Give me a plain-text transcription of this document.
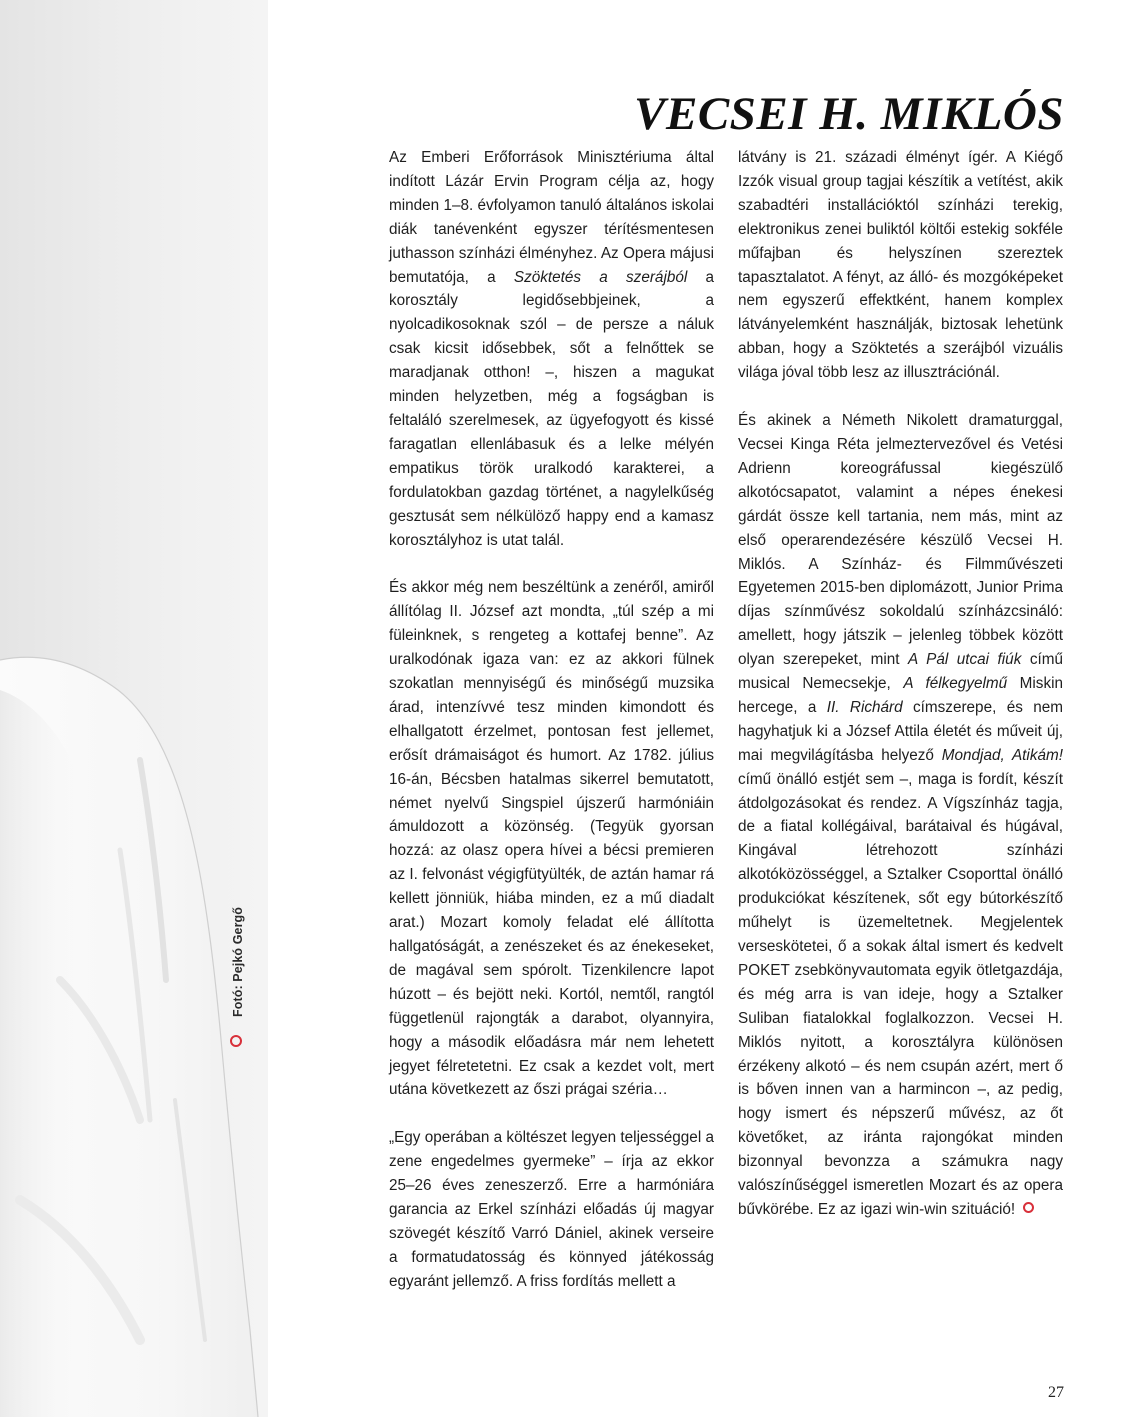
Fotó: Pejkó Gergő
VECSEI H. MIKLÓS

Az Emberi Erőforrások Minisztériuma által indított Lázár Ervin Program célja az, hogy minden 1–8. évfolyamon tanuló általános iskolai diák tanévenként egyszer térítésmentesen juthasson színházi élményhez. Az Opera májusi bemutatója, a Szöktetés a szerájból a korosztály legidősebbjeinek, a nyolcadikosoknak szól – de persze a náluk csak kicsit idősebbek, sőt a felnőttek se maradjanak otthon! –, hiszen a magukat minden helyzetben, még a fogságban is feltaláló szerelmesek, az ügyefogyott és kissé faragatlan ellenlábasuk és a lelke mélyén empatikus török uralkodó karakterei, a fordulatokban gazdag történet, a nagylelkűség gesztusát sem nélkülöző happy end a kamasz korosztályhoz is utat talál.

És akkor még nem beszéltünk a zenéről, amiről állítólag II. József azt mondta, „túl szép a mi füleinknek, s rengeteg a kottafej benne”. Az uralkodónak igaza van: ez az akkori fülnek szokatlan mennyiségű és minőségű muzsika árad, intenzívvé tesz minden kimondott és elhallgatott érzelmet, pontosan fest jellemet, erősít drámaiságot és humort. Az 1782. július 16-án, Bécsben hatalmas sikerrel bemutatott, német nyelvű Singspiel újszerű harmóniáin ámuldozott a közönség. (Tegyük gyorsan hozzá: az olasz opera hívei a bécsi premieren az I. felvonást végigfütyülték, de aztán hamar rá kellett jönniük, hiába minden, ez a mű diadalt arat.) Mozart komoly feladat elé állította hallgatóságát, a zenészeket és az énekeseket, de magával sem spórolt. Tizenkilencre lapot húzott – és bejött neki. Kortól, nemtől, rangtól függetlenül rajongták a darabot, olyannyira, hogy a második előadásra már nem lehetett jegyet félretetetni. Ez csak a kezdet volt, mert utána következett az őszi prágai széria…

„Egy operában a költészet legyen teljességgel a zene engedelmes gyermeke” – írja az ekkor 25–26 éves zeneszerző. Erre a harmóniára garancia az Erkel színházi előadás új magyar szövegét készítő Varró Dániel, akinek verseire a formatudatosság és könnyed játékosság egyaránt jellemző. A friss fordítás mellett a

látvány is 21. századi élményt ígér. A Kiégő Izzók visual group tagjai készítik a vetítést, akik szabadtéri installációktól színházi terekig, elektronikus zenei buliktól költői estekig sokféle műfajban és helyszínen szereztek tapasztalatot. A fényt, az álló- és mozgóképeket nem egyszerű effektként, hanem komplex látványelemként használják, biztosak lehetünk abban, hogy a Szöktetés a szerájból vizuális világa jóval több lesz az illusztrációnál.

És akinek a Németh Nikolett dramaturggal, Vecsei Kinga Réta jelmeztervezővel és Vetési Adrienn koreográfussal kiegészülő alkotócsapatot, valamint a népes énekesi gárdát össze kell tartania, nem más, mint az első operarendezésére készülő Vecsei H. Miklós. A Színház- és Filmművészeti Egyetemen 2015-ben diplomázott, Junior Prima díjas színművész sokoldalú színházcsináló: amellett, hogy játszik – jelenleg többek között olyan szerepeket, mint A Pál utcai fiúk című musical Nemecsekje, A félkegyelmű Miskin hercege, a II. Richárd címszerepe, és nem hagyhatjuk ki a József Attila életét és műveit új, mai megvilágításba helyező Mondjad, Atikám! című önálló estjét sem –, maga is fordít, készít átdolgozásokat és rendez. A Vígszínház tagja, de a fiatal kollégáival, barátaival és húgával, Kingával létrehozott színházi alkotóközösséggel, a Sztalker Csoporttal önálló produkciókat készítenek, sőt egy bútorkészítő műhelyt is üzemeltetnek. Megjelentek verseskötetei, ő a sokak által ismert és kedvelt POKET zsebkönyvautomata egyik ötletgazdája, és még arra is van ideje, hogy a Sztalker Suliban fiatalokkal foglalkozzon. Vecsei H. Miklós nyitott, a korosztályra különösen érzékeny alkotó – és nem csupán azért, mert ő is bőven innen van a harmincon –, az pedig, hogy ismert és népszerű művész, az őt követőket, az iránta rajongókat minden bizonnyal bevonzza a számukra nagy valószínűséggel ismeretlen Mozart és az opera bűvkörébe. Ez az igazi win-win szituáció!

27
